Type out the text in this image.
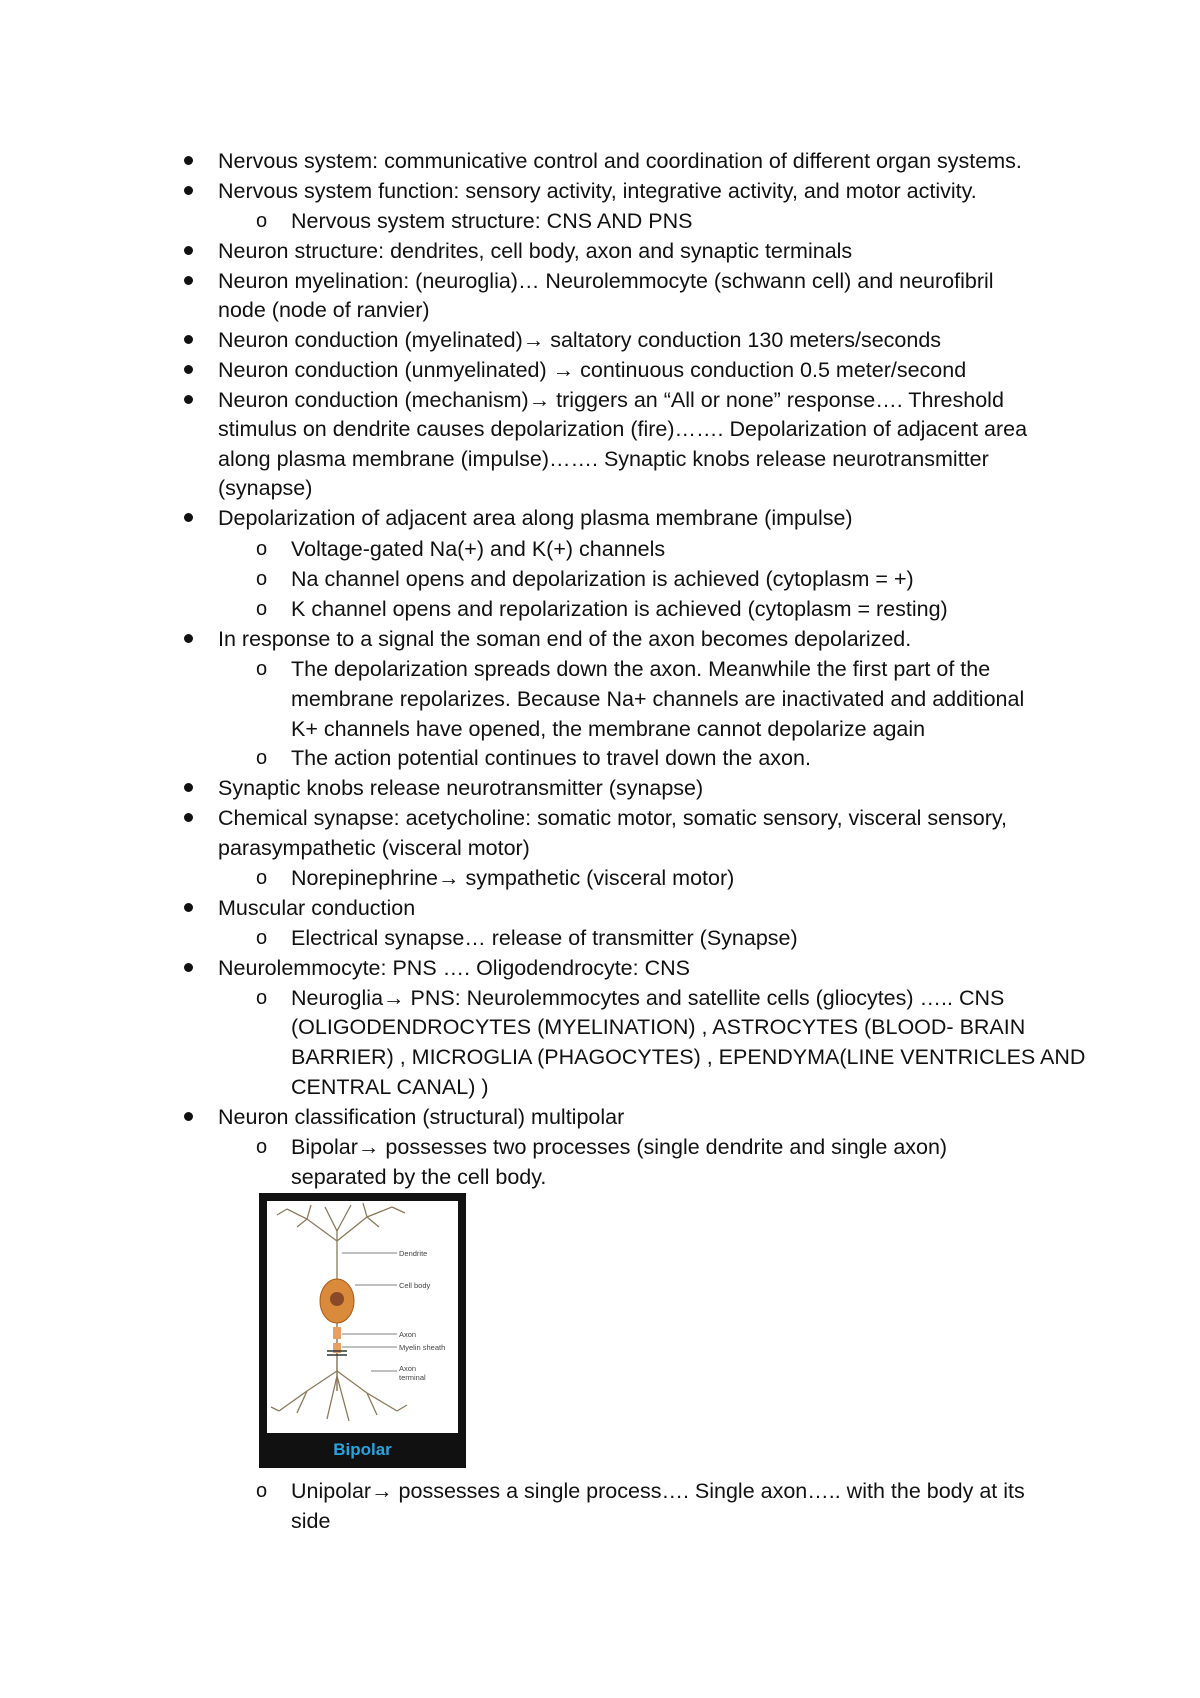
Nervous system: communicative control and coordination of different organ systems.
Nervous system function: sensory activity, integrative activity, and motor activity.
o Nervous system structure: CNS AND PNS
Neuron structure: dendrites, cell body, axon and synaptic terminals
Neuron myelination: (neuroglia)… Neurolemmocyte (schwann cell) and neurofibril
node (node of ranvier)
Neuron conduction (myelinated)→ saltatory conduction 130 meters/seconds
Neuron conduction (unmyelinated) → continuous conduction 0.5 meter/second
Neuron conduction (mechanism)→ triggers an “All or none” response…. Threshold
stimulus on dendrite causes depolarization (fire)……. Depolarization of adjacent area
along plasma membrane (impulse)……. Synaptic knobs release neurotransmitter
(synapse)
Depolarization of adjacent area along plasma membrane (impulse)
o Voltage-gated Na(+) and K(+) channels
o Na channel opens and depolarization is achieved (cytoplasm = +)
o K channel opens and repolarization is achieved (cytoplasm = resting)
In response to a signal the soman end of the axon becomes depolarized.
o The depolarization spreads down the axon. Meanwhile the first part of the
membrane repolarizes. Because Na+ channels are inactivated and additional
K+ channels have opened, the membrane cannot depolarize again
o The action potential continues to travel down the axon.
Synaptic knobs release neurotransmitter (synapse)
Chemical synapse: acetycholine: somatic motor, somatic sensory, visceral sensory,
parasympathetic (visceral motor)
o Norepinephrine→ sympathetic (visceral motor)
Muscular conduction
o Electrical synapse… release of transmitter (Synapse)
Neurolemmocyte: PNS …. Oligodendrocyte: CNS
o Neuroglia→ PNS: Neurolemmocytes and satellite cells (gliocytes) ….. CNS
(OLIGODENDROCYTES (MYELINATION) , ASTROCYTES (BLOOD- BRAIN
BARRIER) , MICROGLIA (PHAGOCYTES) , EPENDYMA(LINE VENTRICLES AND
CENTRAL CANAL) )
Neuron classification (structural) multipolar
o Bipolar→ possesses two processes (single dendrite and single axon)
separated by the cell body.
Dendrite
Cell body
Axon
Myelin sheath
Axon
terminal
Bipolar
o Unipolar→ possesses a single process…. Single axon….. with the body at its
side
